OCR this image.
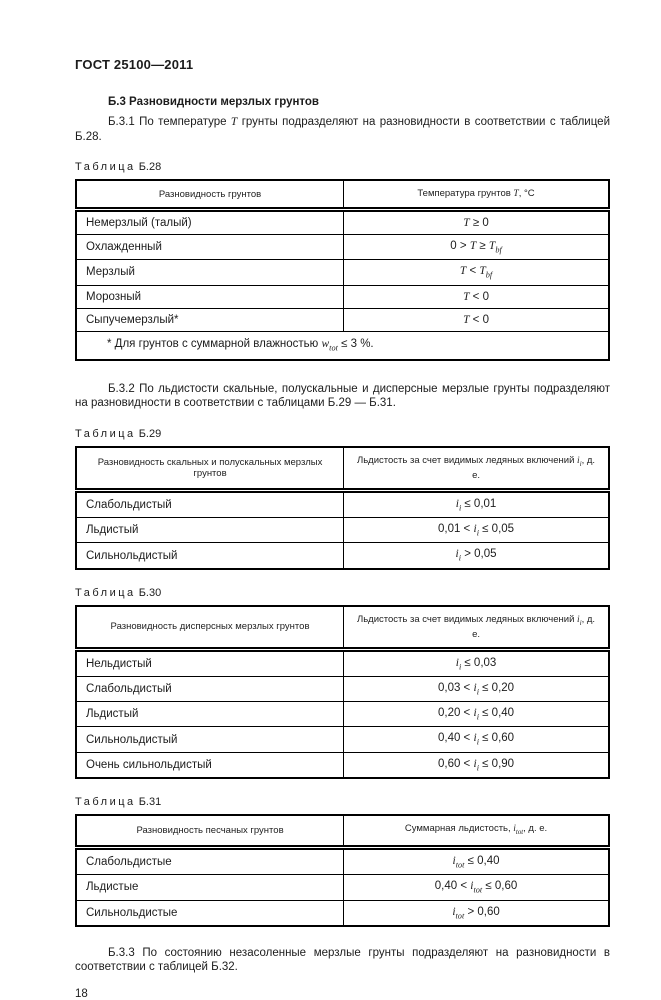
ГОСТ 25100—2011
Б.3 Разновидности мерзлых грунтов

Б.3.1 По температуре T грунты подразделяют на разновидности в соответствии с таблицей Б.28.

Таблица Б.28

Разновидность грунтов	Температура грунтов T, °С
Немерзлый (талый)	T ≥ 0
Охлажденный	$0 > T \ge T_{bf}$
Мерзлый	$T < T_{bf}$
Морозный	T < 0
Сыпучемерзлый*	T < 0
* Для грунтов с суммарной влажностью $w_{tot} \le 3$ %.	

Б.3.2 По льдистости скальные, полускальные и дисперсные мерзлые грунты подразделяют на разновидности в соответствии с таблицами Б.29 — Б.31.

Таблица Б.29

Разновидность скальных и полускальных мерзлых грунтов	Льдистость за счет видимых ледяных включений $i_i$, д. е.
Слабольдистый	$i_i \le 0,01$
Льдистый	$0,01 < i_i \le 0,05$
Сильнольдистый	$i_i > 0,05$

Таблица Б.30

Разновидность дисперсных мерзлых грунтов	Льдистость за счет видимых ледяных включений $i_i$, д. е.
Нельдистый	$i_i \le 0,03$
Слабольдистый	$0,03 < i_i \le 0,20$
Льдистый	$0,20 < i_i \le 0,40$
Сильнольдистый	$0,40 < i_i \le 0,60$
Очень сильнольдистый	$0,60 < i_i \le 0,90$

Таблица Б.31

Разновидность песчаных грунтов	Суммарная льдистость, $i_{tot}$, д. е.
Слабольдистые	$i_{tot} \le 0,40$
Льдистые	$0,40 < i_{tot} \le 0,60$
Сильнольдистые	$i_{tot} > 0,60$

Б.3.3 По состоянию незасоленные мерзлые грунты подразделяют на разновидности в соответствии с таблицей Б.32.

18
